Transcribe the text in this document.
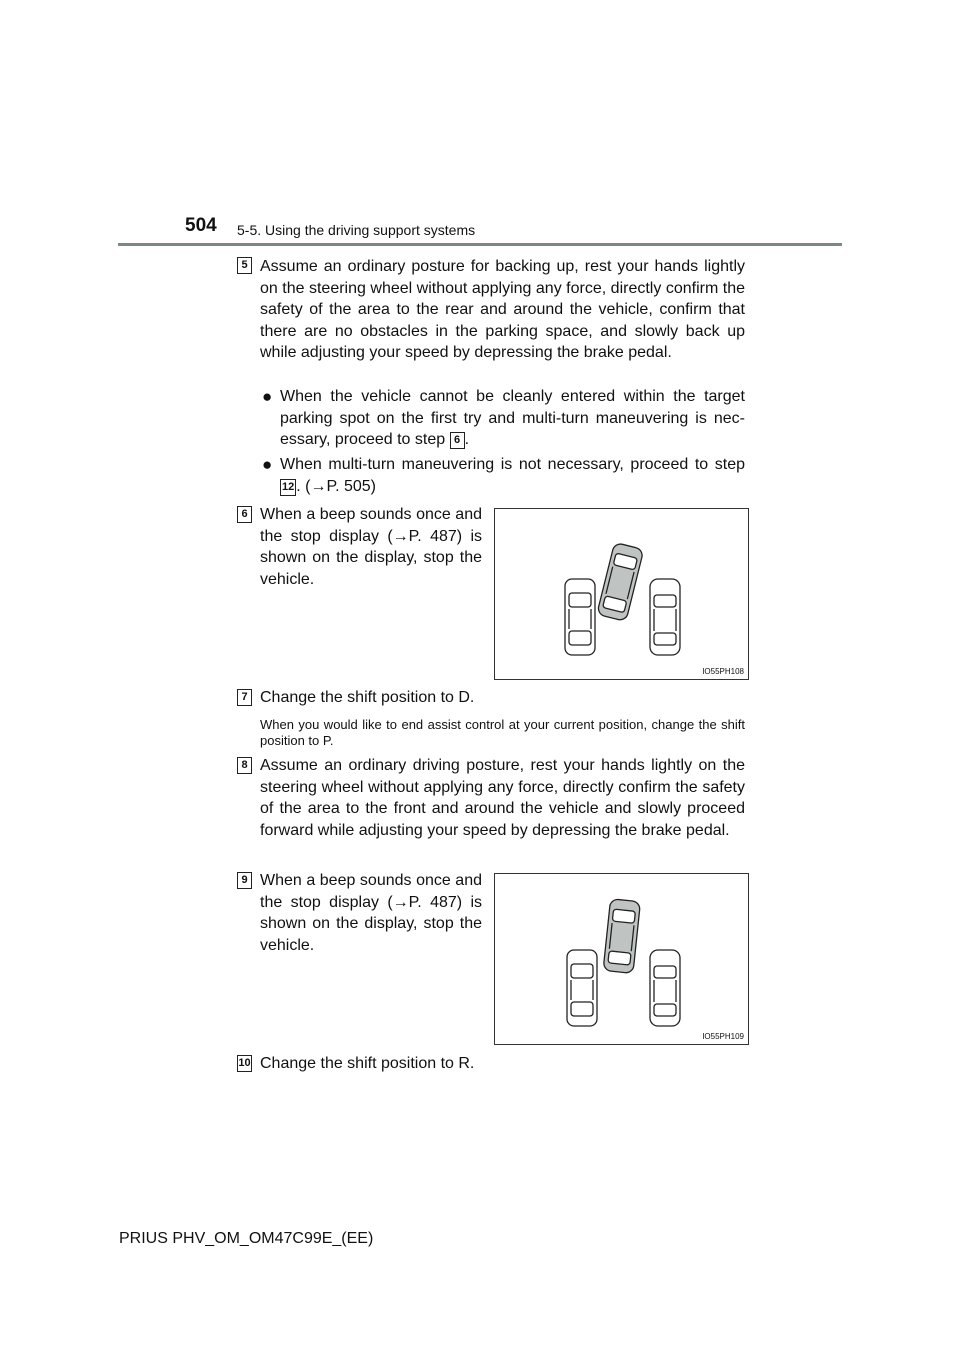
504 5-5. Using the driving support systems
5 Assume an ordinary posture for backing up, rest your hands lightly on the steering wheel without applying any force, directly confirm the safety of the area to the rear and around the vehicle, confirm that there are no obstacles in the parking space, and slowly back up while adjusting your speed by depressing the brake pedal.
● When the vehicle cannot be cleanly entered within the target parking spot on the first try and multi-turn maneuvering is nec-essary, proceed to step 6 .
● When multi-turn maneuvering is not necessary, proceed to step 12 . (→P. 505)
6 When a beep sounds once and the stop display (→P. 487) is shown on the display, stop the vehicle.
IO55PH108
7 Change the shift position to D.
When you would like to end assist control at your current position, change the shift position to P.
8 Assume an ordinary driving posture, rest your hands lightly on the steering wheel without applying any force, directly confirm the safety of the area to the front and around the vehicle and slowly proceed forward while adjusting your speed by depressing the brake pedal.
9 When a beep sounds once and the stop display (→P. 487) is shown on the display, stop the vehicle.
IO55PH109
10 Change the shift position to R.
PRIUS PHV_OM_OM47C99E_(EE)
